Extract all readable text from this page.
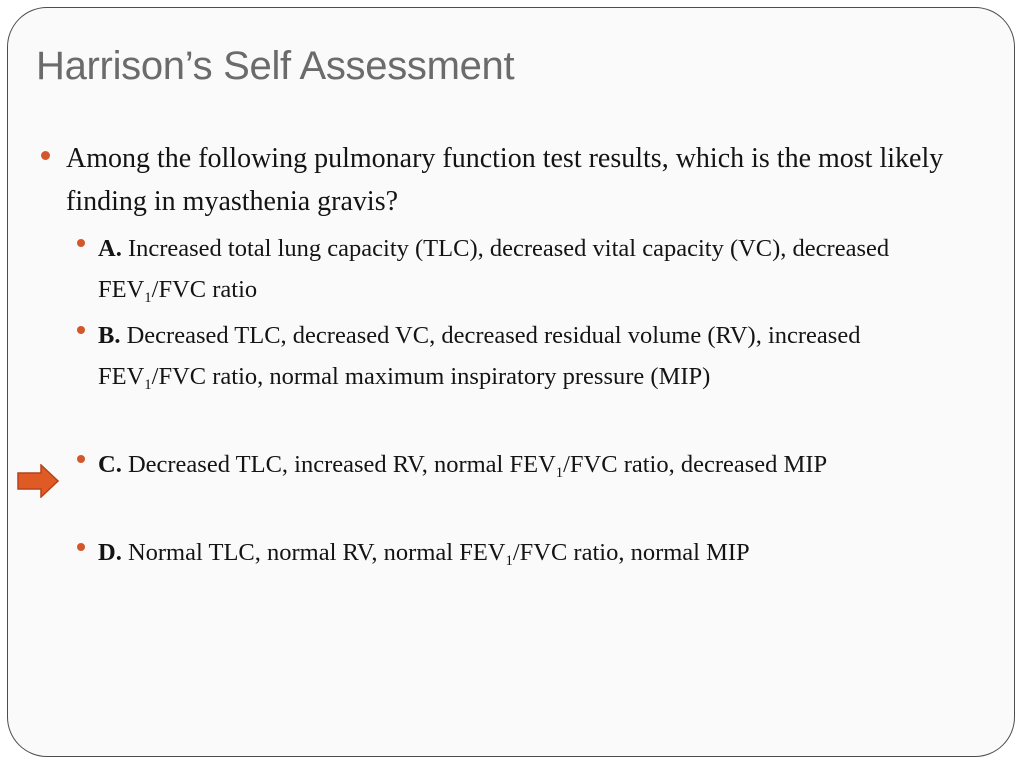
Harrison’s Self Assessment
Among the following pulmonary function test results, which is the most likely finding in myasthenia gravis?
A. Increased total lung capacity (TLC), decreased vital capacity (VC), decreased $FEV_1$/FVC ratio
B. Decreased TLC, decreased VC, decreased residual volume (RV), increased $FEV_1$/FVC ratio, normal maximum inspiratory pressure (MIP)
C. Decreased TLC, increased RV, normal $FEV_1$/FVC ratio, decreased MIP
D. Normal TLC, normal RV, normal $FEV_1$/FVC ratio, normal MIP
